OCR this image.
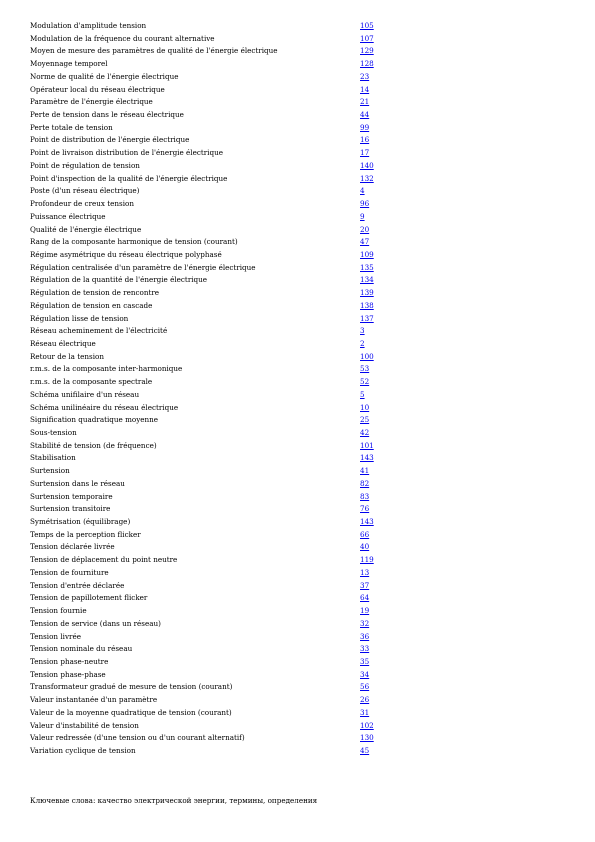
Modulation d'amplitude tension	105
Modulation de la fréquence du courant alternative	107
Moyen de mesure des paramètres de qualité de l'énergie électrique	129
Moyennage temporel	128
Norme de qualité de l'énergie électrique	23
Opérateur local du réseau électrique	14
Paramètre de l'énergie électrique	21
Perte de tension dans le réseau électrique	44
Perte totale de tension	99
Point de distribution de l'énergie électrique	16
Point de livraison distribution de l'énergie électrique	17
Point de régulation de tension	140
Point d'inspection de la qualité de l'énergie électrique	132
Poste (d'un réseau électrique)	4
Profondeur de creux tension	96
Puissance électrique	9
Qualité de l'énergie électrique	20
Rang de la composante harmonique de tension (courant)	47
Régime asymétrique du réseau électrique polyphasé	109
Régulation centralisée d'un paramètre de l'énergie électrique	135
Régulation de la quantité de l'énergie électrique	134
Régulation de tension de rencontre	139
Régulation de tension en cascade	138
Régulation lisse de tension	137
Réseau acheminement de l'électricité	3
Réseau électrique	2
Retour de la tension	100
r.m.s. de la composante inter-harmonique	53
r.m.s. de la composante spectrale	52
Schéma unifilaire d'un réseau	5
Schéma unilinéaire du réseau électrique	10
Signification quadratique moyenne	25
Sous-tension	42
Stabilité de tension (de fréquence)	101
Stabilisation	143
Surtension	41
Surtension dans le réseau	82
Surtension temporaire	83
Surtension transitoire	76
Symétrisation (équilibrage)	143
Temps de la perception flicker	66
Tension déclarée livrée	40
Tension de déplacement du point neutre	119
Tension de fourniture	13
Tension d'entrée déclarée	37
Tension de papillotement flicker	64
Tension fournie	19
Tension de service (dans un réseau)	32
Tension livrée	36
Tension nominale du réseau	33
Tension phase-neutre	35
Tension phase-phase	34
Transformateur gradué de mesure de tension (courant)	56
Valeur instantanée d'un paramètre	26
Valeur de la moyenne quadratique de tension (courant)	31
Valeur d'instabilité de tension	102
Valeur redressée (d'une tension ou d'un courant alternatif)	130
Variation cyclique de tension	45
Ключевые слова: качество электрической энергии, термины, определения
